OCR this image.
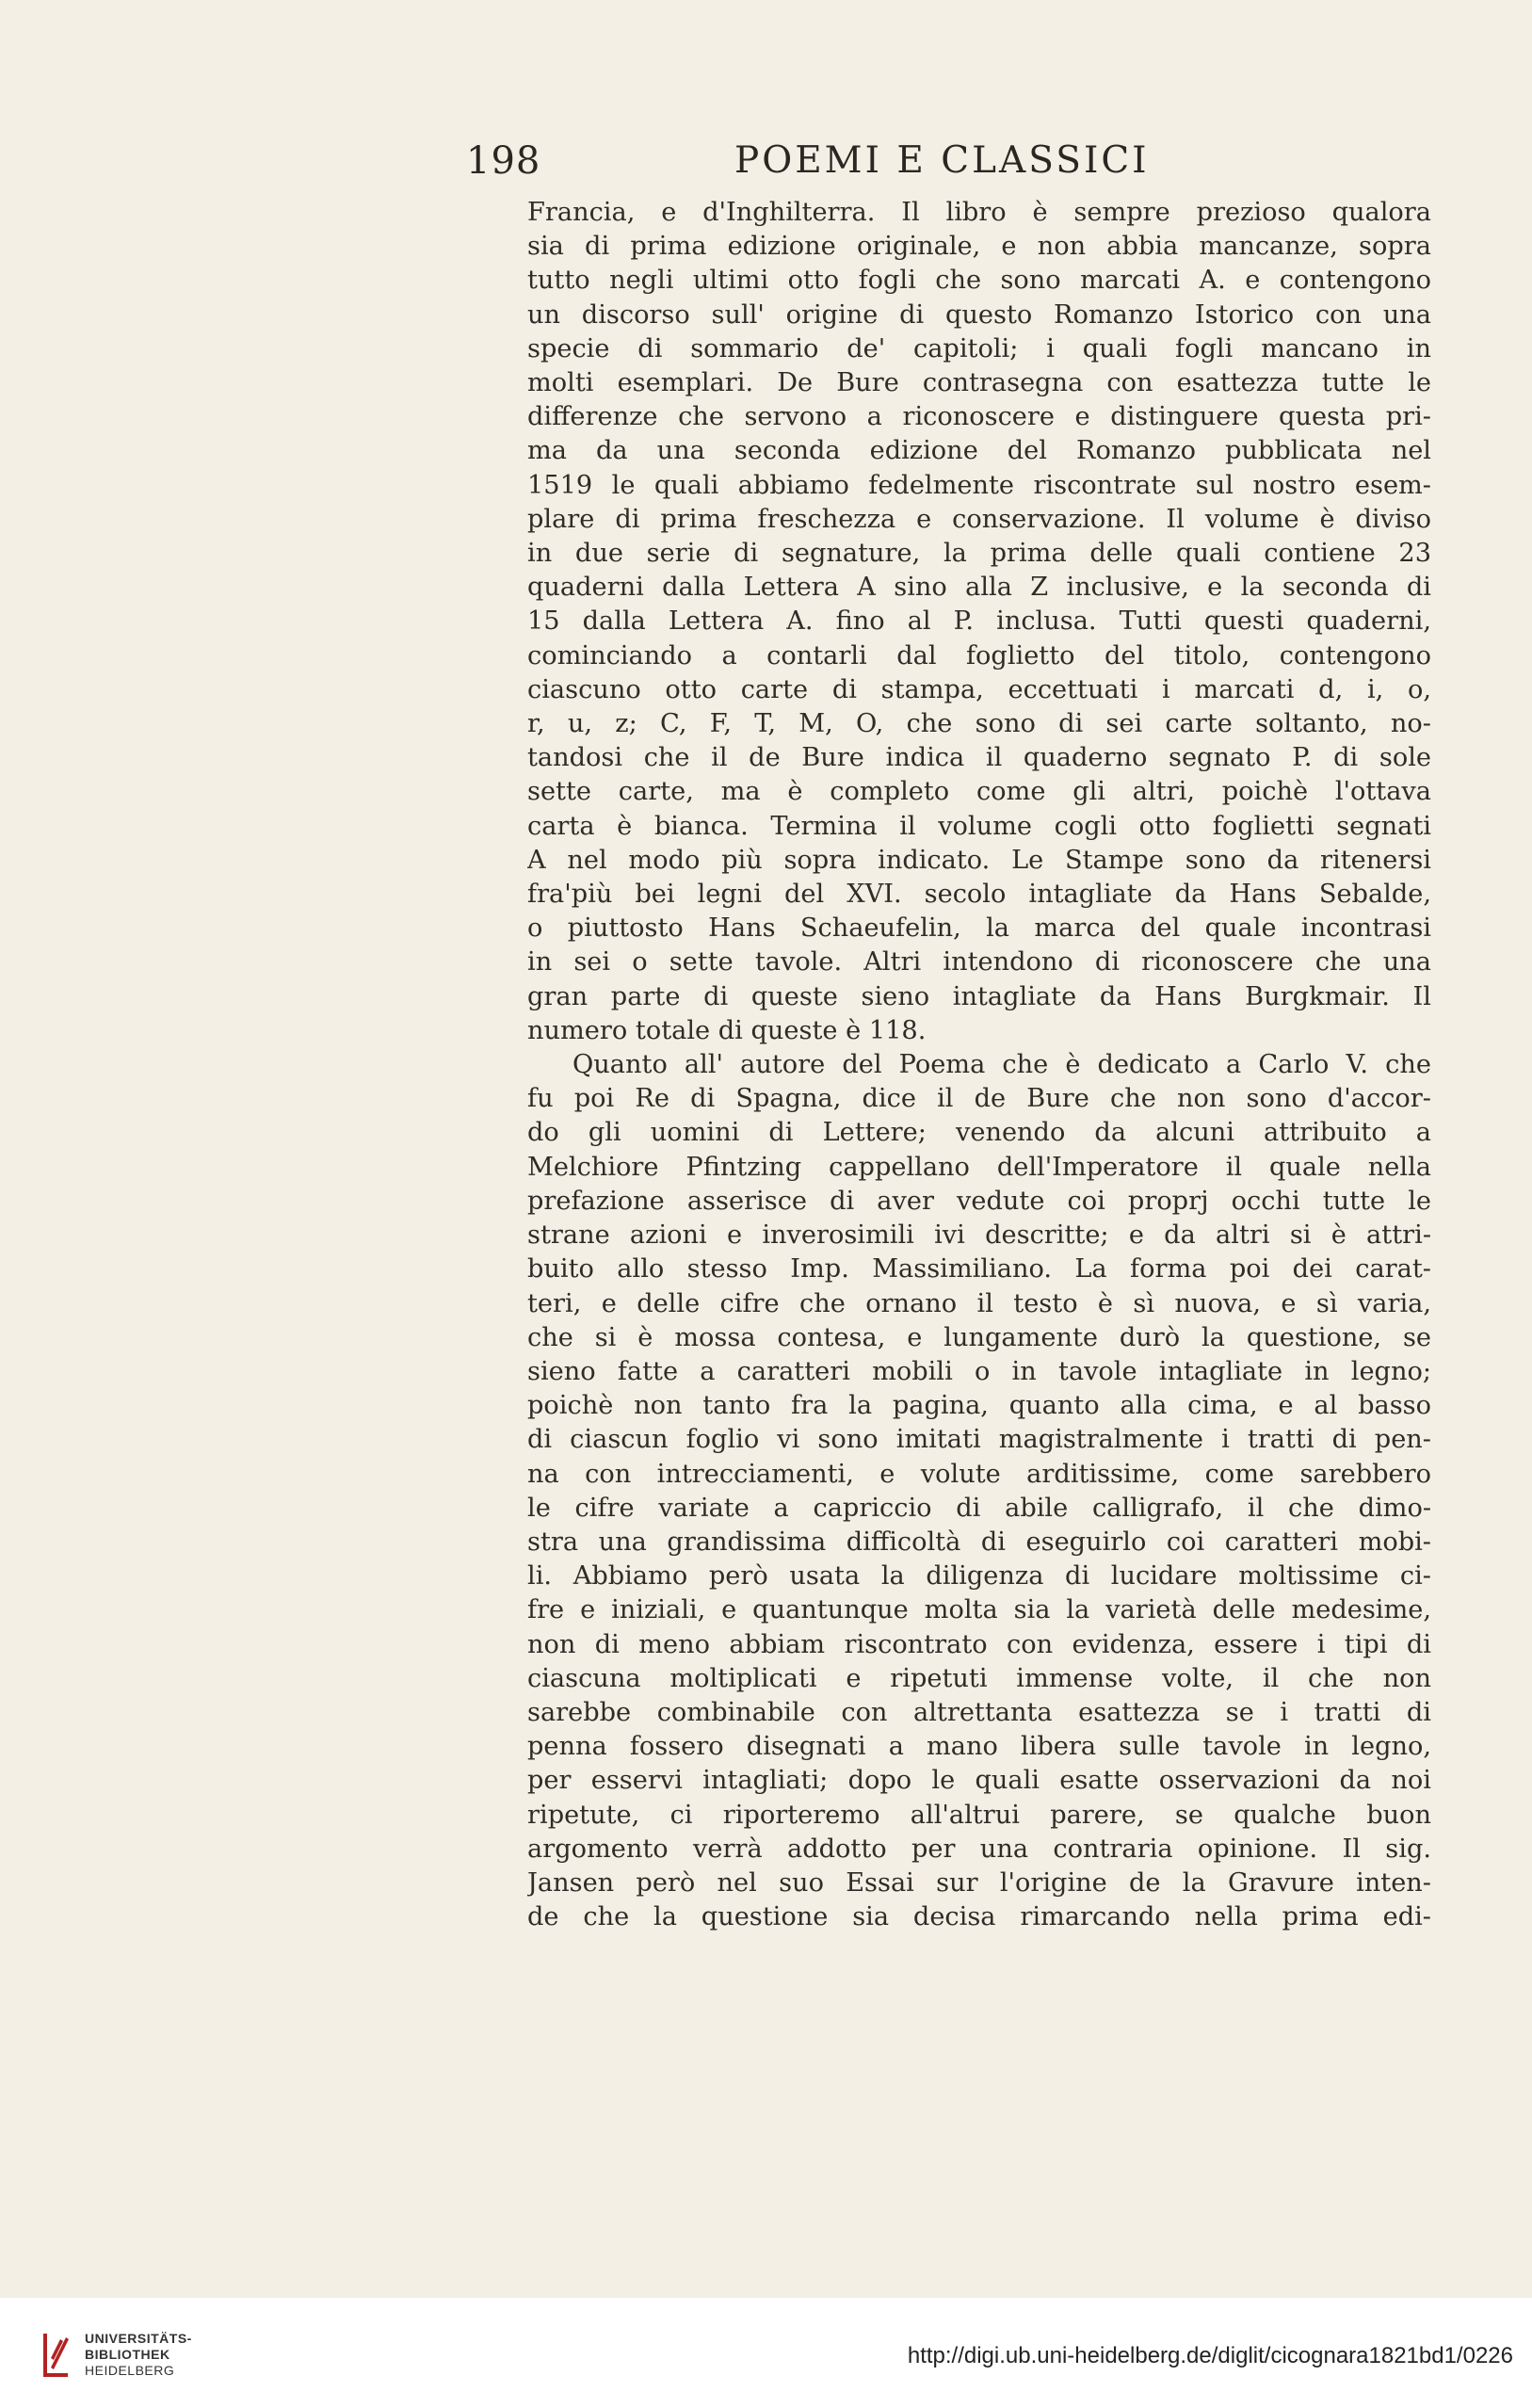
198	POEMI E CLASSICI
Francia, e d'Inghilterra. Il libro è sempre prezioso qualora
sia di prima edizione originale, e non abbia mancanze, sopra
tutto negli ultimi otto fogli che sono marcati A. e contengono
un discorso sull' origine di questo Romanzo Istorico con una
specie di sommario de' capitoli; i quali fogli mancano in
molti esemplari. De Bure contrasegna con esattezza tutte le
differenze che servono a riconoscere e distinguere questa pri-
ma da una seconda edizione del Romanzo pubblicata nel
1519 le quali abbiamo fedelmente riscontrate sul nostro esem-
plare di prima freschezza e conservazione. Il volume è diviso
in due serie di segnature, la prima delle quali contiene 23
quaderni dalla Lettera A sino alla Z inclusive, e la seconda di
15 dalla Lettera A. fino al P. inclusa. Tutti questi quaderni,
cominciando a contarli dal foglietto del titolo, contengono
ciascuno otto carte di stampa, eccettuati i marcati d, i, o,
r, u, z; C, F, T, M, O, che sono di sei carte soltanto, no-
tandosi che il de Bure indica il quaderno segnato P. di sole
sette carte, ma è completo come gli altri, poichè l'ottava
carta è bianca. Termina il volume cogli otto foglietti segnati
A nel modo più sopra indicato. Le Stampe sono da ritenersi
fra'più bei legni del XVI. secolo intagliate da Hans Sebalde,
o piuttosto Hans Schaeufelin, la marca del quale incontrasi
in sei o sette tavole. Altri intendono di riconoscere che una
gran parte di queste sieno intagliate da Hans Burgkmair. Il
numero totale di queste è 118.
Quanto all' autore del Poema che è dedicato a Carlo V. che
fu poi Re di Spagna, dice il de Bure che non sono d'accor-
do gli uomini di Lettere; venendo da alcuni attribuito a
Melchiore Pfintzing cappellano dell'Imperatore il quale nella
prefazione asserisce di aver vedute coi proprj occhi tutte le
strane azioni e inverosimili ivi descritte; e da altri si è attri-
buito allo stesso Imp. Massimiliano. La forma poi dei carat-
teri, e delle cifre che ornano il testo è sì nuova, e sì varia,
che si è mossa contesa, e lungamente durò la questione, se
sieno fatte a caratteri mobili o in tavole intagliate in legno;
poichè non tanto fra la pagina, quanto alla cima, e al basso
di ciascun foglio vi sono imitati magistralmente i tratti di pen-
na con intrecciamenti, e volute arditissime, come sarebbero
le cifre variate a capriccio di abile calligrafo, il che dimo-
stra una grandissima difficoltà di eseguirlo coi caratteri mobi-
li. Abbiamo però usata la diligenza di lucidare moltissime ci-
fre e iniziali, e quantunque molta sia la varietà delle medesime,
non di meno abbiam riscontrato con evidenza, essere i tipi di
ciascuna moltiplicati e ripetuti immense volte, il che non
sarebbe combinabile con altrettanta esattezza se i tratti di
penna fossero disegnati a mano libera sulle tavole in legno,
per esservi intagliati; dopo le quali esatte osservazioni da noi
ripetute, ci riporteremo all'altrui parere, se qualche buon
argomento verrà addotto per una contraria opinione. Il sig.
Jansen però nel suo Essai sur l'origine de la Gravure inten-
de che la questione sia decisa rimarcando nella prima edi-
UNIVERSITÄTS-
BIBLIOTHEK
HEIDELBERG
http://digi.ub.uni-heidelberg.de/diglit/cicognara1821bd1/0226
